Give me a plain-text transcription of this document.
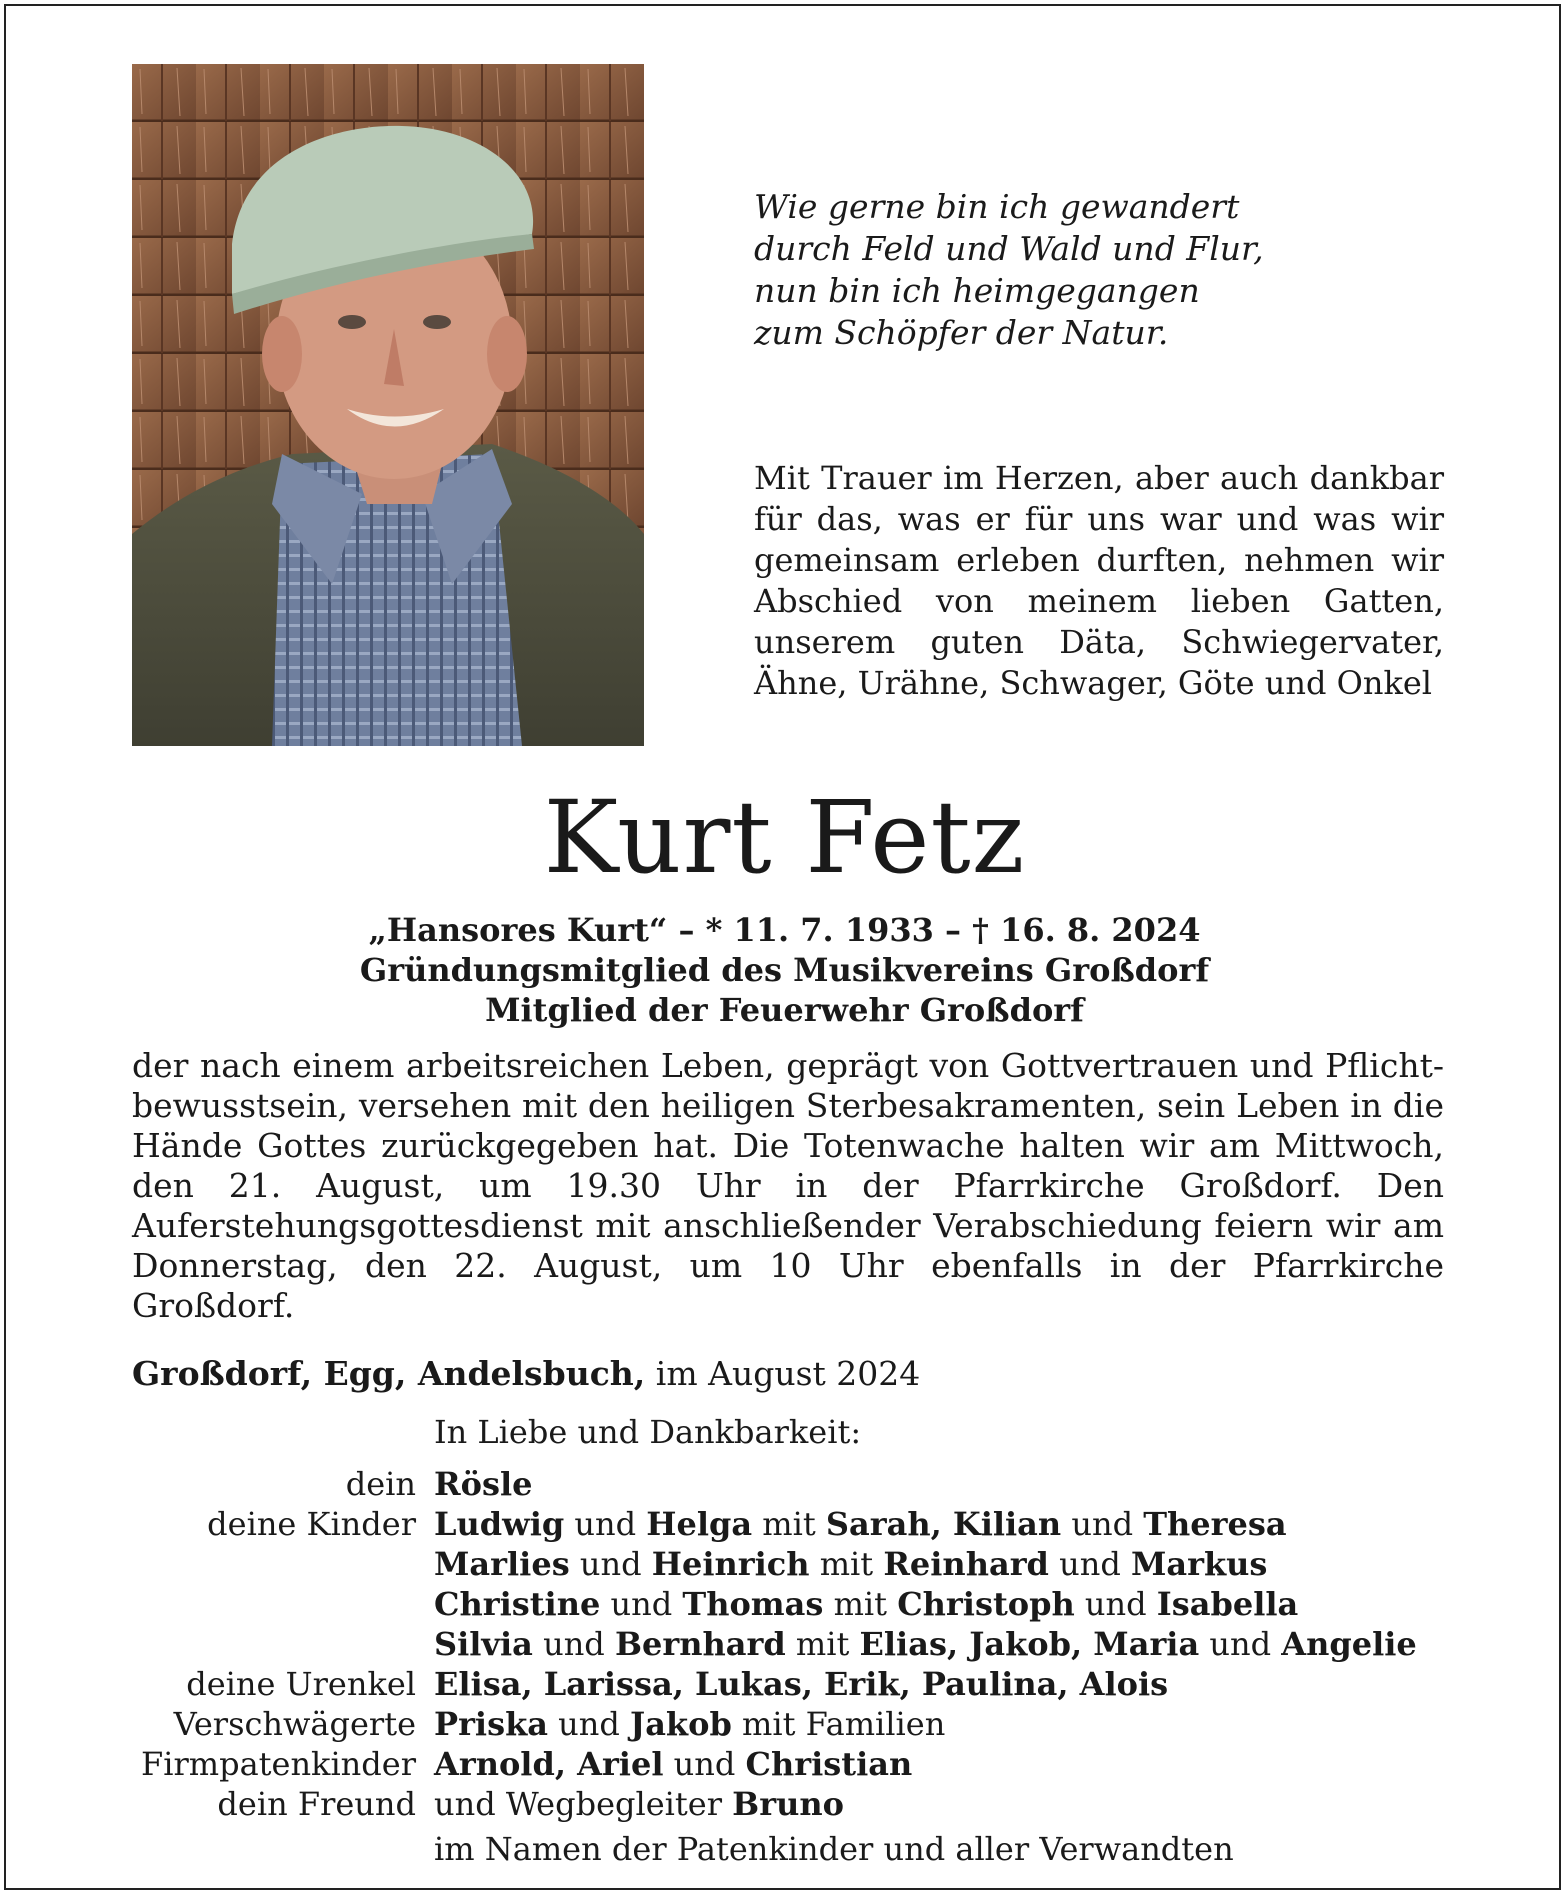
Wie gerne bin ich gewandert
durch Feld und Wald und Flur,
nun bin ich heimgegangen
zum Schöpfer der Natur.

Mit Trauer im Herzen, aber auch dankbar für das, was er für uns war und was wir gemeinsam erleben durften, nehmen wir Abschied von meinem lieben Gatten, unserem guten Däta, Schwiegervater, Ähne, Urähne, Schwager, Göte und Onkel

Kurt Fetz
„Hansores Kurt“ – * 11. 7. 1933 – † 16. 8. 2024
Gründungsmitglied des Musikvereins Großdorf
Mitglied der Feuerwehr Großdorf

der nach einem arbeitsreichen Leben, geprägt von Gottvertrauen und Pflichtbewusstsein, versehen mit den heiligen Sterbesakramenten, sein Leben in die Hände Gottes zurückgegeben hat. Die Totenwache halten wir am Mittwoch, den 21. August, um 19.30 Uhr in der Pfarrkirche Großdorf. Den Auferstehungsgottesdienst mit anschließender Verabschiedung feiern wir am Donnerstag, den 22. August, um 10 Uhr ebenfalls in der Pfarrkirche Großdorf.

Großdorf, Egg, Andelsbuch, im August 2024
In Liebe und Dankbarkeit:
dein Rösle
deine Kinder Ludwig und Helga mit Sarah, Kilian und Theresa
Marlies und Heinrich mit Reinhard und Markus
Christine und Thomas mit Christoph und Isabella
Silvia und Bernhard mit Elias, Jakob, Maria und Angelie
deine Urenkel Elisa, Larissa, Lukas, Erik, Paulina, Alois
Verschwägerte Priska und Jakob mit Familien
Firmpatenkinder Arnold, Ariel und Christian
dein Freund und Wegbegleiter Bruno
im Namen der Patenkinder und aller Verwandten
